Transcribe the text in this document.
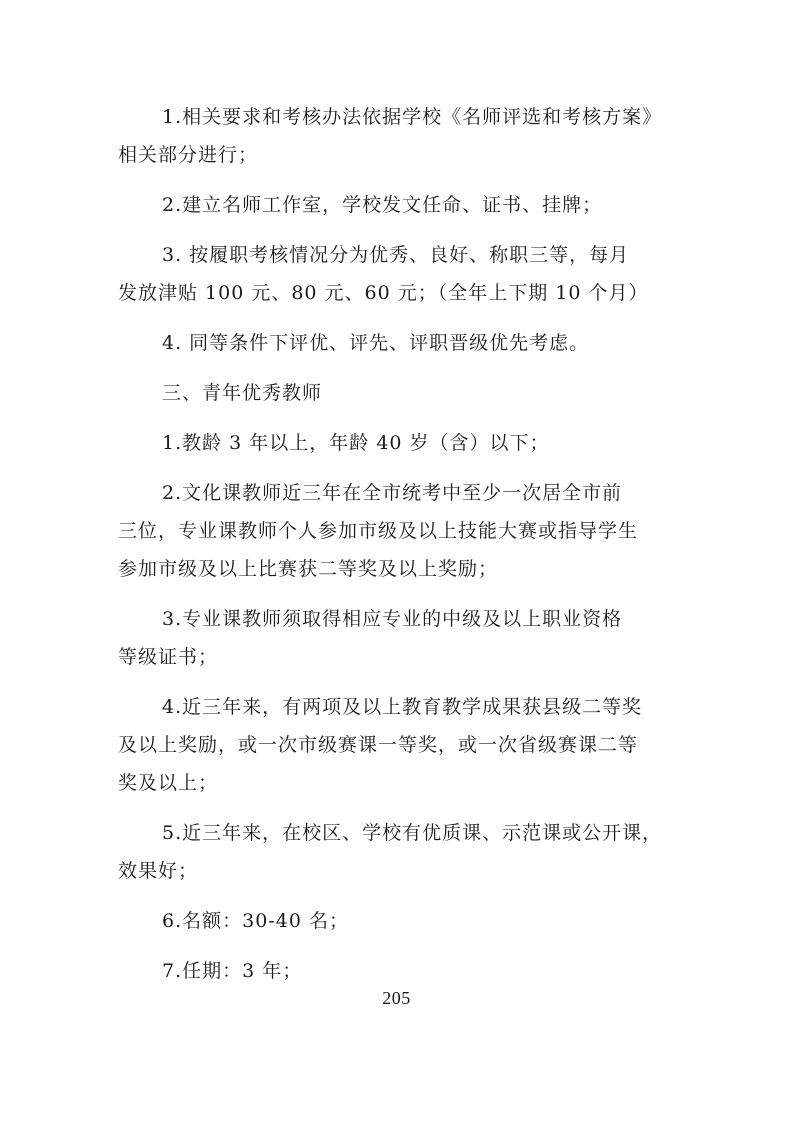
1.相关要求和考核办法依据学校《名师评选和考核方案》
相关部分进行；
2.建立名师工作室，学校发文任命、证书、挂牌；
3. 按履职考核情况分为优秀、良好、称职三等，每月
发放津贴 100 元、80 元、60 元；（全年上下期 10 个月）
4. 同等条件下评优、评先、评职晋级优先考虑。
三、青年优秀教师
1.教龄 3 年以上，年龄 40 岁（含）以下；
2.文化课教师近三年在全市统考中至少一次居全市前
三位，专业课教师个人参加市级及以上技能大赛或指导学生
参加市级及以上比赛获二等奖及以上奖励；
3.专业课教师须取得相应专业的中级及以上职业资格
等级证书；
4.近三年来，有两项及以上教育教学成果获县级二等奖
及以上奖励，或一次市级赛课一等奖，或一次省级赛课二等
奖及以上；
5.近三年来，在校区、学校有优质课、示范课或公开课，
效果好；
6.名额：30-40 名；
7.任期：3 年；
205
